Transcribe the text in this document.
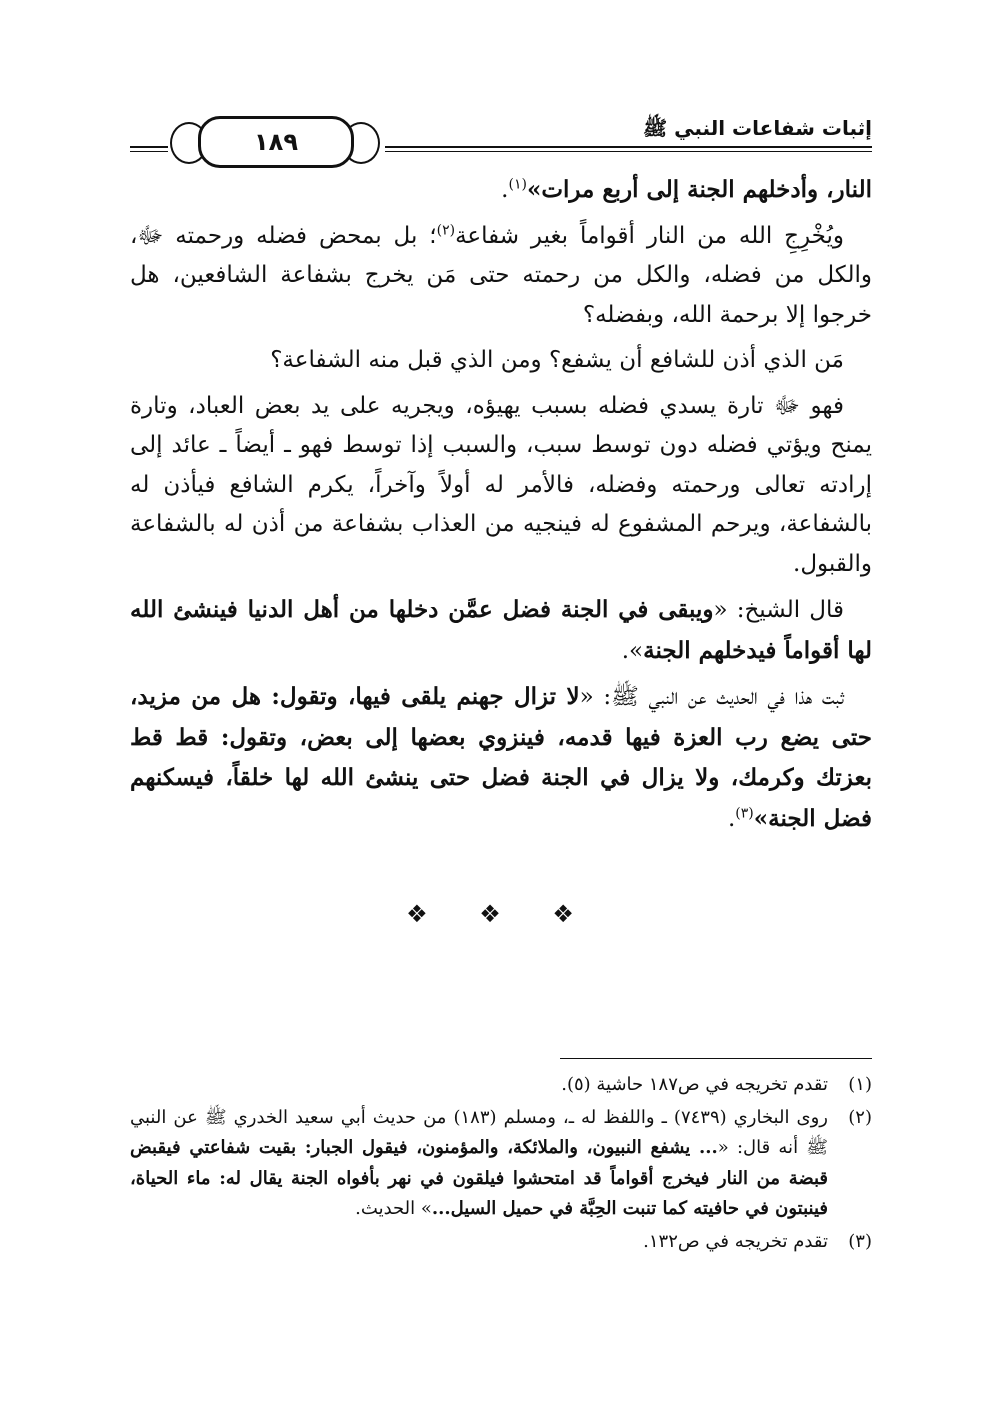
إثبات شفاعات النبي ﷺ
١٨٩

النار، وأدخلهم الجنة إلى أربع مرات»$^{(١)}$.

ويُخْرِجِ الله من النار أقواماً بغير شفاعة$^{(٢)}$؛ بل بمحض فضله ورحمته ﷻ، والكل من فضله، والكل من رحمته حتى مَن يخرج بشفاعة الشافعين، هل خرجوا إلا برحمة الله، وبفضله؟

مَن الذي أذن للشافع أن يشفع؟ ومن الذي قبل منه الشفاعة؟

فهو ﷻ تارة يسدي فضله بسبب يهيؤه، ويجريه على يد بعض العباد، وتارة يمنح ويؤتي فضله دون توسط سبب، والسبب إذا توسط فهو ـ أيضاً ـ عائد إلى إرادته تعالى ورحمته وفضله، فالأمر له أولاً وآخراً، يكرم الشافع فيأذن له بالشفاعة، ويرحم المشفوع له فينجيه من العذاب بشفاعة من أذن له بالشفاعة والقبول.

قال الشيخ: «ويبقى في الجنة فضل عمَّن دخلها من أهل الدنيا فينشئ الله لها أقواماً فيدخلهم الجنة».

ثبت هذا في الحديث عن النبي ﷺ: «لا تزال جهنم يلقى فيها، وتقول: هل من مزيد، حتى يضع رب العزة فيها قدمه، فينزوي بعضها إلى بعض، وتقول: قط قط بعزتك وكرمك، ولا يزال في الجنة فضل حتى ينشئ الله لها خلقاً، فيسكنهم فضل الجنة»$^{(٣)}$.

❖ ❖ ❖
(١)
تقدم تخريجه في ص١٨٧ حاشية (٥).
(٢)
روى البخاري (٧٤٣٩) ـ واللفظ له ـ، ومسلم (١٨٣) من حديث أبي سعيد الخدري ﷺ عن النبي ﷺ أنه قال: «... يشفع النبيون، والملائكة، والمؤمنون، فيقول الجبار: بقيت شفاعتي فيقبض قبضة من النار فيخرج أقواماً قد امتحشوا فيلقون في نهر بأفواه الجنة يقال له: ماء الحياة، فينبتون في حافيته كما تنبت الحِبَّة في حميل السيل...» الحديث.
(٣)
تقدم تخريجه في ص١٣٢.
